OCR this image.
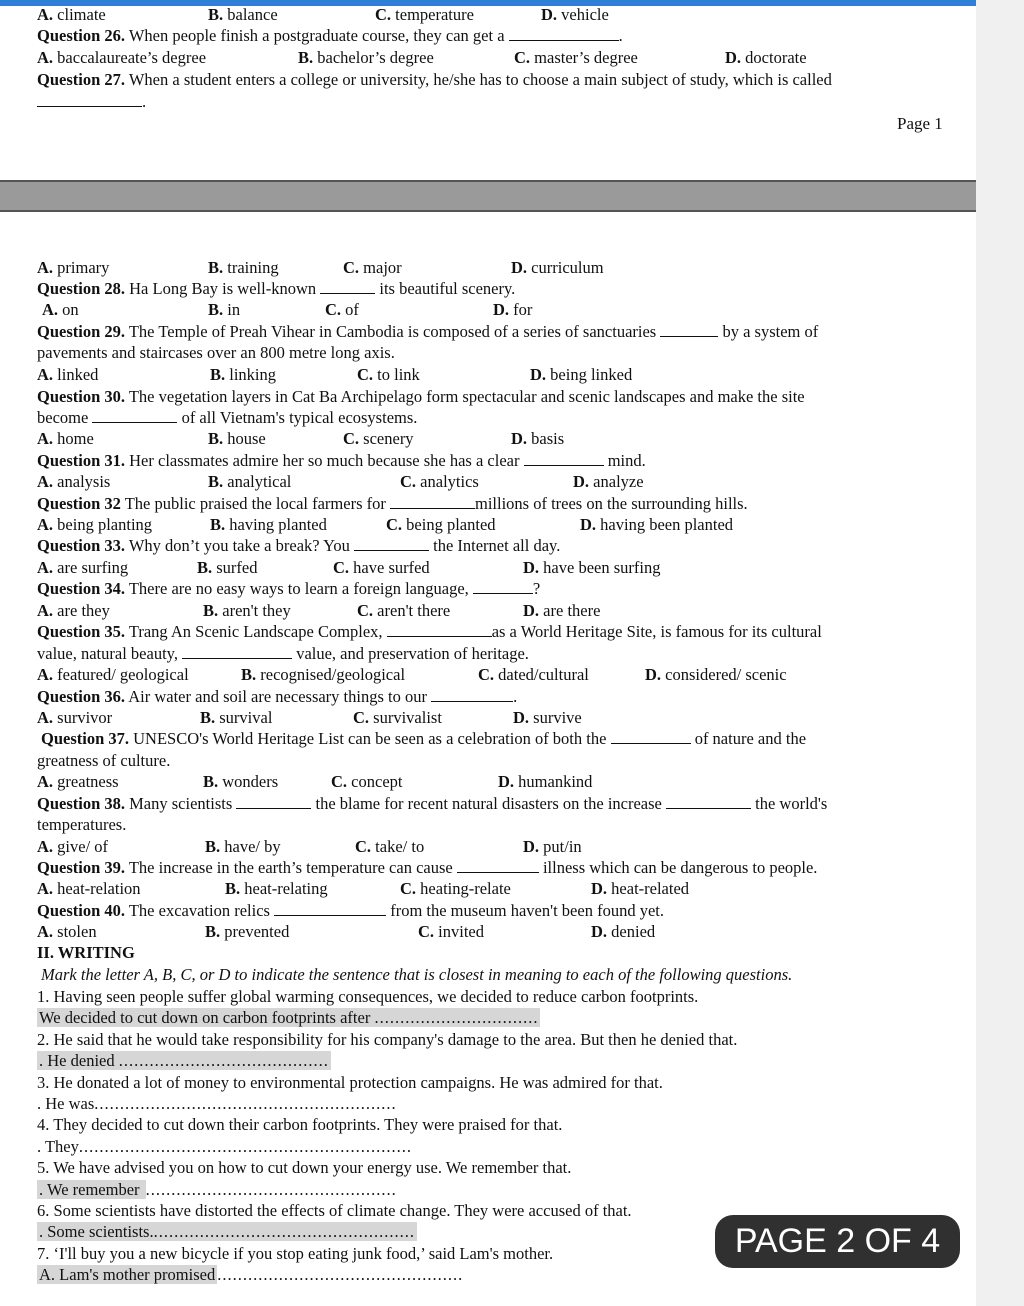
A. climate	B. balance	C. temperature	D. vehicle
Question 26. When people finish a postgraduate course, they can get a	.
A. baccalaureate’s degree	B. bachelor’s degree	C. master’s degree	D. doctorate
Question 27. When a student enters a college or university, he/she has to choose a main subject of study, which is called
.
Page 1
A. primary	B. training	C. major	D. curriculum
Question 28. Ha Long Bay is well-known	its beautiful scenery.
A. on	B. in	C. of	D. for
Question 29. The Temple of Preah Vihear in Cambodia is composed of a series of sanctuaries	by a system of
pavements and staircases over an 800 metre long axis.
A. linked	B. linking	C. to link	D. being linked
Question 30. The vegetation layers in Cat Ba Archipelago form spectacular and scenic landscapes and make the site
become	of all Vietnam's typical ecosystems.
A. home	B. house	C. scenery	D. basis
Question 31. Her classmates admire her so much because she has a clear	mind.
A. analysis	B. analytical	C. analytics	D. analyze
Question 32 The public praised the local farmers for	millions of trees on the surrounding hills.
A. being planting	B. having planted	C. being planted	D. having been planted
Question 33. Why don’t you take a break? You	the Internet all day.
A. are surfing	B. surfed	C. have surfed	D. have been surfing
Question 34. There are no easy ways to learn a foreign language,	?
A. are they	B. aren't they	C. aren't there	D. are there
Question 35. Trang An Scenic Landscape Complex,	as a World Heritage Site, is famous for its cultural
value, natural beauty,	value, and preservation of heritage.
A. featured/ geological	B. recognised/geological	C. dated/cultural	D. considered/ scenic
Question 36. Air water and soil are necessary things to our	.
A. survivor	B. survival	C. survivalist	D. survive
Question 37. UNESCO's World Heritage List can be seen as a celebration of both the	of nature and the
greatness of culture.
A. greatness	B. wonders	C. concept	D. humankind
Question 38. Many scientists	the blame for recent natural disasters on the increase	the world's
temperatures.
A. give/ of	B. have/ by	C. take/ to	D. put/in
Question 39. The increase in the earth’s temperature can cause	illness which can be dangerous to people.
A. heat-relation	B. heat-relating	C. heating-relate	D. heat-related
Question 40. The excavation relics	from the museum haven't been found yet.
A. stolen	B. prevented	C. invited	D. denied
II. WRITING
Mark the letter A, B, C, or D to indicate the sentence that is closest in meaning to each of the following questions.
1. Having seen people suffer global warming consequences, we decided to reduce carbon footprints.
We decided to cut down on carbon footprints after ................................
2. He said that he would take responsibility for his company's damage to the area. But then he denied that.
. He denied .........................................
3. He donated a lot of money to environmental protection campaigns. He was admired for that.
. He was...........................................................
4. They decided to cut down their carbon footprints. They were praised for that.
. They.................................................................
5. We have advised you on how to cut down your energy use. We remember that.
. We remember .................................................
6. Some scientists have distorted the effects of climate change. They were accused of that.
. Some scientists....................................................
7. ‘I'll buy you a new bicycle if you stop eating junk food,’ said Lam's mother.
A. Lam's mother promised ................................................
PAGE 2 OF 4
